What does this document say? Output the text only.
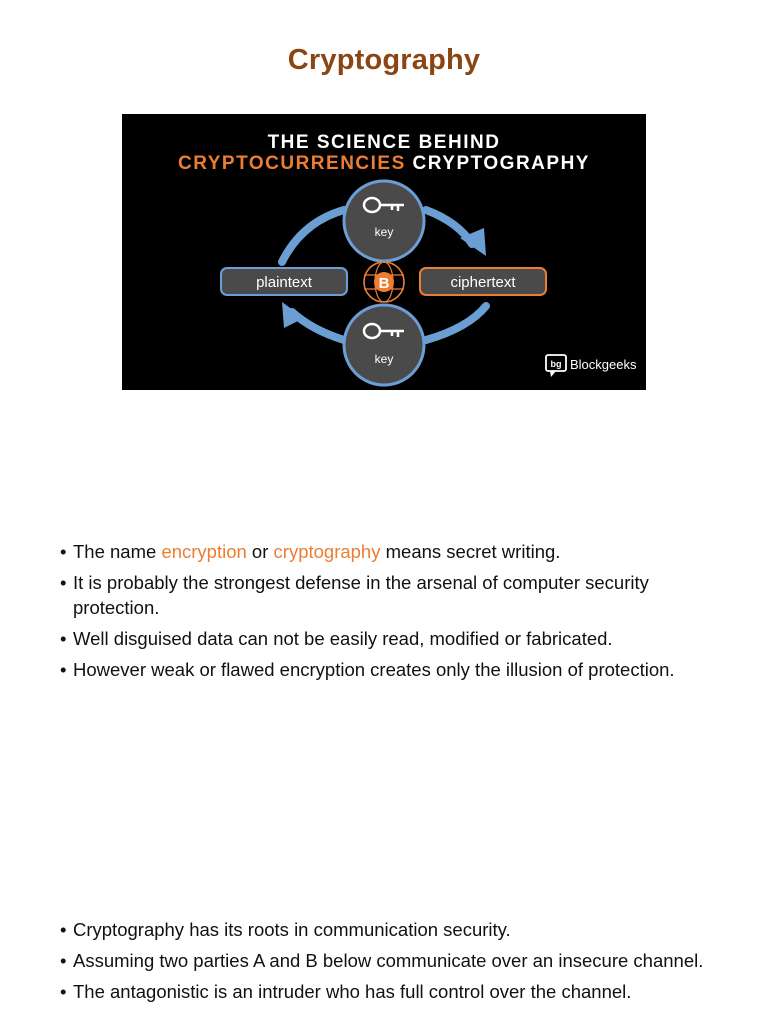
Cryptography
THE SCIENCE BEHIND
CRYPTOCURRENCIES CRYPTOGRAPHY
key
key
plaintext	ciphertext
B
bg Blockgeeks
• The name encryption or cryptography means secret writing.
• It is probably the strongest defense in the arsenal of computer security protection.
• Well disguised data can not be easily read, modified or fabricated.
• However weak or flawed encryption creates only the illusion of protection.
• Cryptography has its roots in communication security.
• Assuming two parties A and B below communicate over an insecure channel.
• The antagonistic is an intruder who has full control over the channel.
